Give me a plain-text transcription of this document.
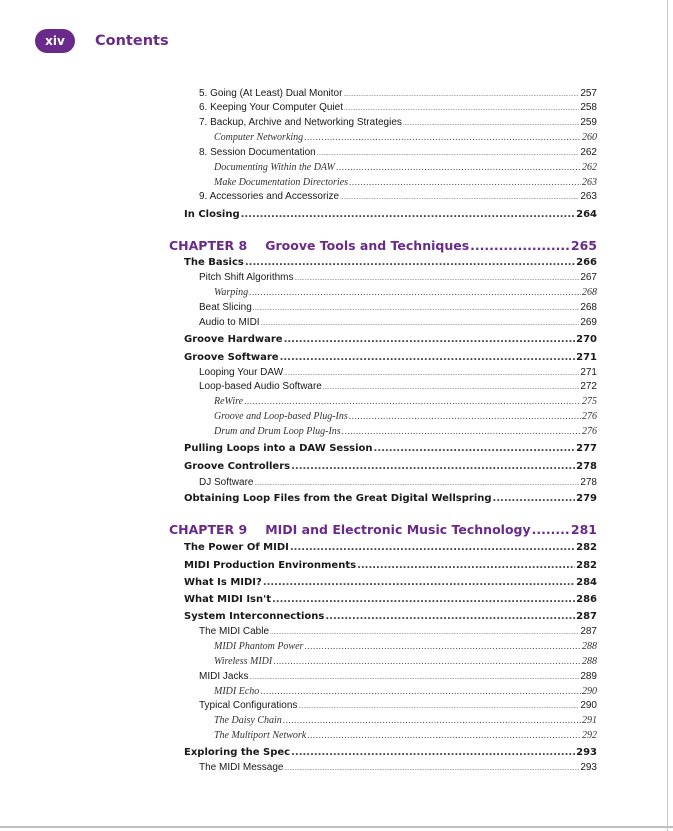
xiv	Contents
5. Going (At Least) Dual Monitor .....	257
6. Keeping Your Computer Quiet .....	258
7. Backup, Archive and Networking Strategies .....	259
Computer Networking .....	260
8. Session Documentation .....	262
Documenting Within the DAW .....	262
Make Documentation Directories .....	263
9. Accessories and Accessorize .....	263
In Closing .....	264
CHAPTER 8 Groove Tools and Techniques .....	265
The Basics .....	266
Pitch Shift Algorithms .....	267
Warping .....	268
Beat Slicing .....	268
Audio to MIDI .....	269
Groove Hardware .....	270
Groove Software .....	271
Looping Your DAW .....	271
Loop-based Audio Software .....	272
ReWire .....	275
Groove and Loop-based Plug-Ins .....	276
Drum and Drum Loop Plug-Ins .....	276
Pulling Loops into a DAW Session .....	277
Groove Controllers .....	278
DJ Software .....	278
Obtaining Loop Files from the Great Digital Wellspring .....	279
CHAPTER 9 MIDI and Electronic Music Technology .....	281
The Power Of MIDI .....	282
MIDI Production Environments .....	282
What Is MIDI? .....	284
What MIDI Isn't .....	286
System Interconnections .....	287
The MIDI Cable .....	287
MIDI Phantom Power .....	288
Wireless MIDI .....	288
MIDI Jacks .....	289
MIDI Echo .....	290
Typical Configurations .....	290
The Daisy Chain .....	291
The Multiport Network .....	292
Exploring the Spec .....	293
The MIDI Message .....	293
